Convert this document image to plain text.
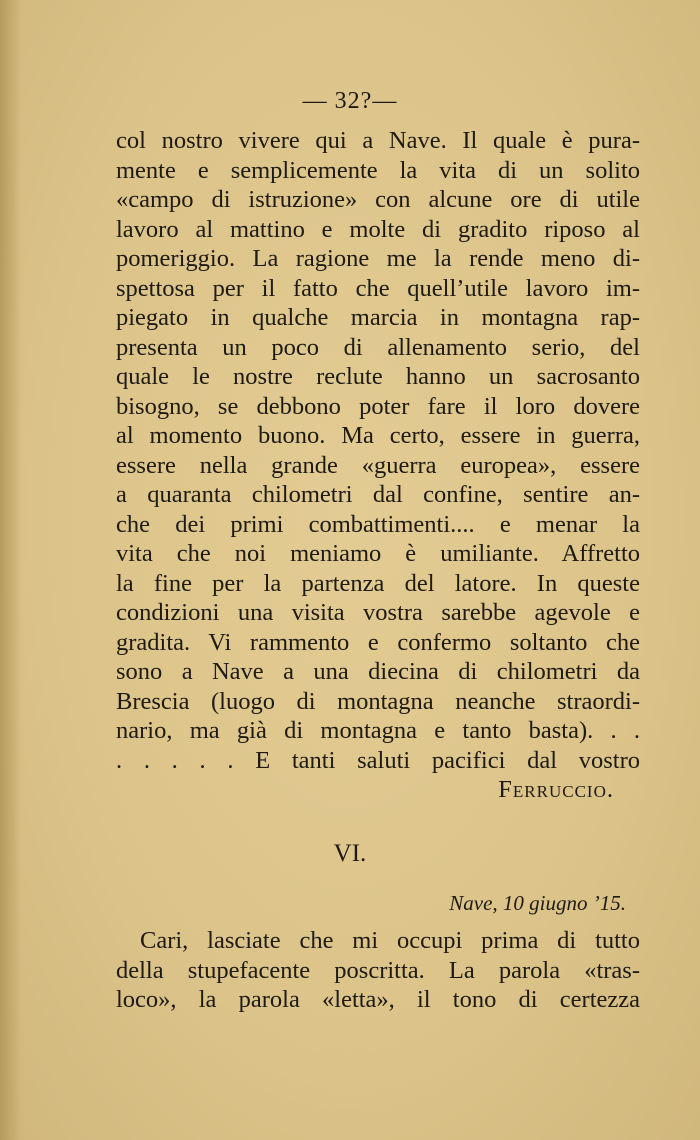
— 32?—
col nostro vivere qui a Nave. Il quale è pura-
mente e semplicemente la vita di un solito
«campo di istruzione» con alcune ore di utile
lavoro al mattino e molte di gradito riposo al
pomeriggio. La ragione me la rende meno di-
spettosa per il fatto che quell’utile lavoro im-
piegato in qualche marcia in montagna rap-
presenta un poco di allenamento serio, del
quale le nostre reclute hanno un sacrosanto
bisogno, se debbono poter fare il loro dovere
al momento buono. Ma certo, essere in guerra,
essere nella grande «guerra europea», essere
a quaranta chilometri dal confine, sentire an-
che dei primi combattimenti.... e menar la
vita che noi meniamo è umiliante. Affretto
la fine per la partenza del latore. In queste
condizioni una visita vostra sarebbe agevole e
gradita. Vi rammento e confermo soltanto che
sono a Nave a una diecina di chilometri da
Brescia (luogo di montagna neanche straordi-
nario, ma già di montagna e tanto basta). . .
. . . . . E tanti saluti pacifici dal vostro
Ferruccio.
VI.
Nave, 10 giugno ’15.
Cari, lasciate che mi occupi prima di tutto
della stupefacente poscritta. La parola «tras-
loco», la parola «letta», il tono di certezza
